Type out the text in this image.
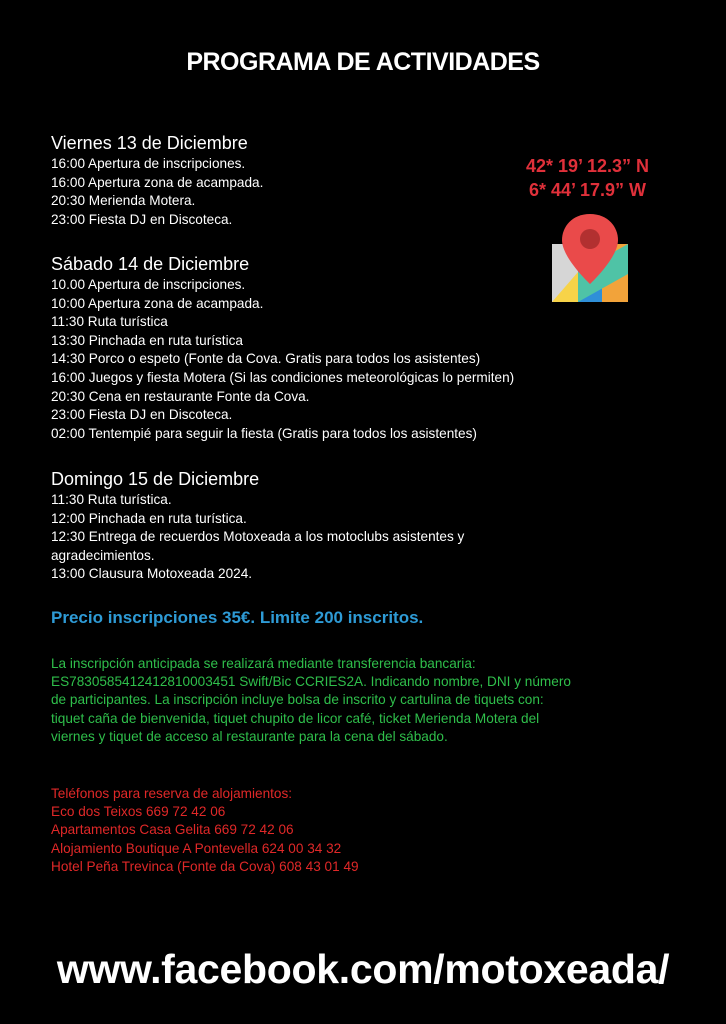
PROGRAMA DE ACTIVIDADES
Viernes 13 de Diciembre
16:00 Apertura de inscripciones.
16:00 Apertura zona de acampada.
20:30 Merienda Motera.
23:00 Fiesta DJ en Discoteca.
Sábado 14 de Diciembre
10.00 Apertura de inscripciones.
10:00 Apertura zona de acampada.
11:30 Ruta turística
13:30 Pinchada en ruta turística
14:30 Porco o espeto (Fonte da Cova. Gratis para todos los asistentes)
16:00 Juegos y fiesta Motera (Si las condiciones meteorológicas lo permiten)
20:30 Cena en restaurante Fonte da Cova.
23:00 Fiesta DJ en Discoteca.
02:00 Tentempié para seguir la fiesta (Gratis para todos los asistentes)
Domingo 15 de Diciembre
11:30 Ruta turística.
12:00 Pinchada en ruta turística.
12:30 Entrega de recuerdos Motoxeada a los motoclubs asistentes y
agradecimientos.
13:00 Clausura Motoxeada 2024.
42* 19’ 12.3” N
6* 44’ 17.9” W
Precio inscripciones 35€. Limite 200 inscritos.
La inscripción anticipada se realizará mediante transferencia bancaria:
ES7830585412412810003451 Swift/Bic CCRIES2A. Indicando nombre, DNI y número
de participantes. La inscripción incluye bolsa de inscrito y cartulina de tiquets con:
tiquet caña de bienvenida, tiquet chupito de licor café, ticket Merienda Motera del
viernes y tiquet de acceso al restaurante para la cena del sábado.
Teléfonos para reserva de alojamientos:
Eco dos Teixos 669 72 42 06
Apartamentos Casa Gelita 669 72 42 06
Alojamiento Boutique A Pontevella 624 00 34 32
Hotel Peña Trevinca (Fonte da Cova) 608 43 01 49
www.facebook.com/motoxeada/
